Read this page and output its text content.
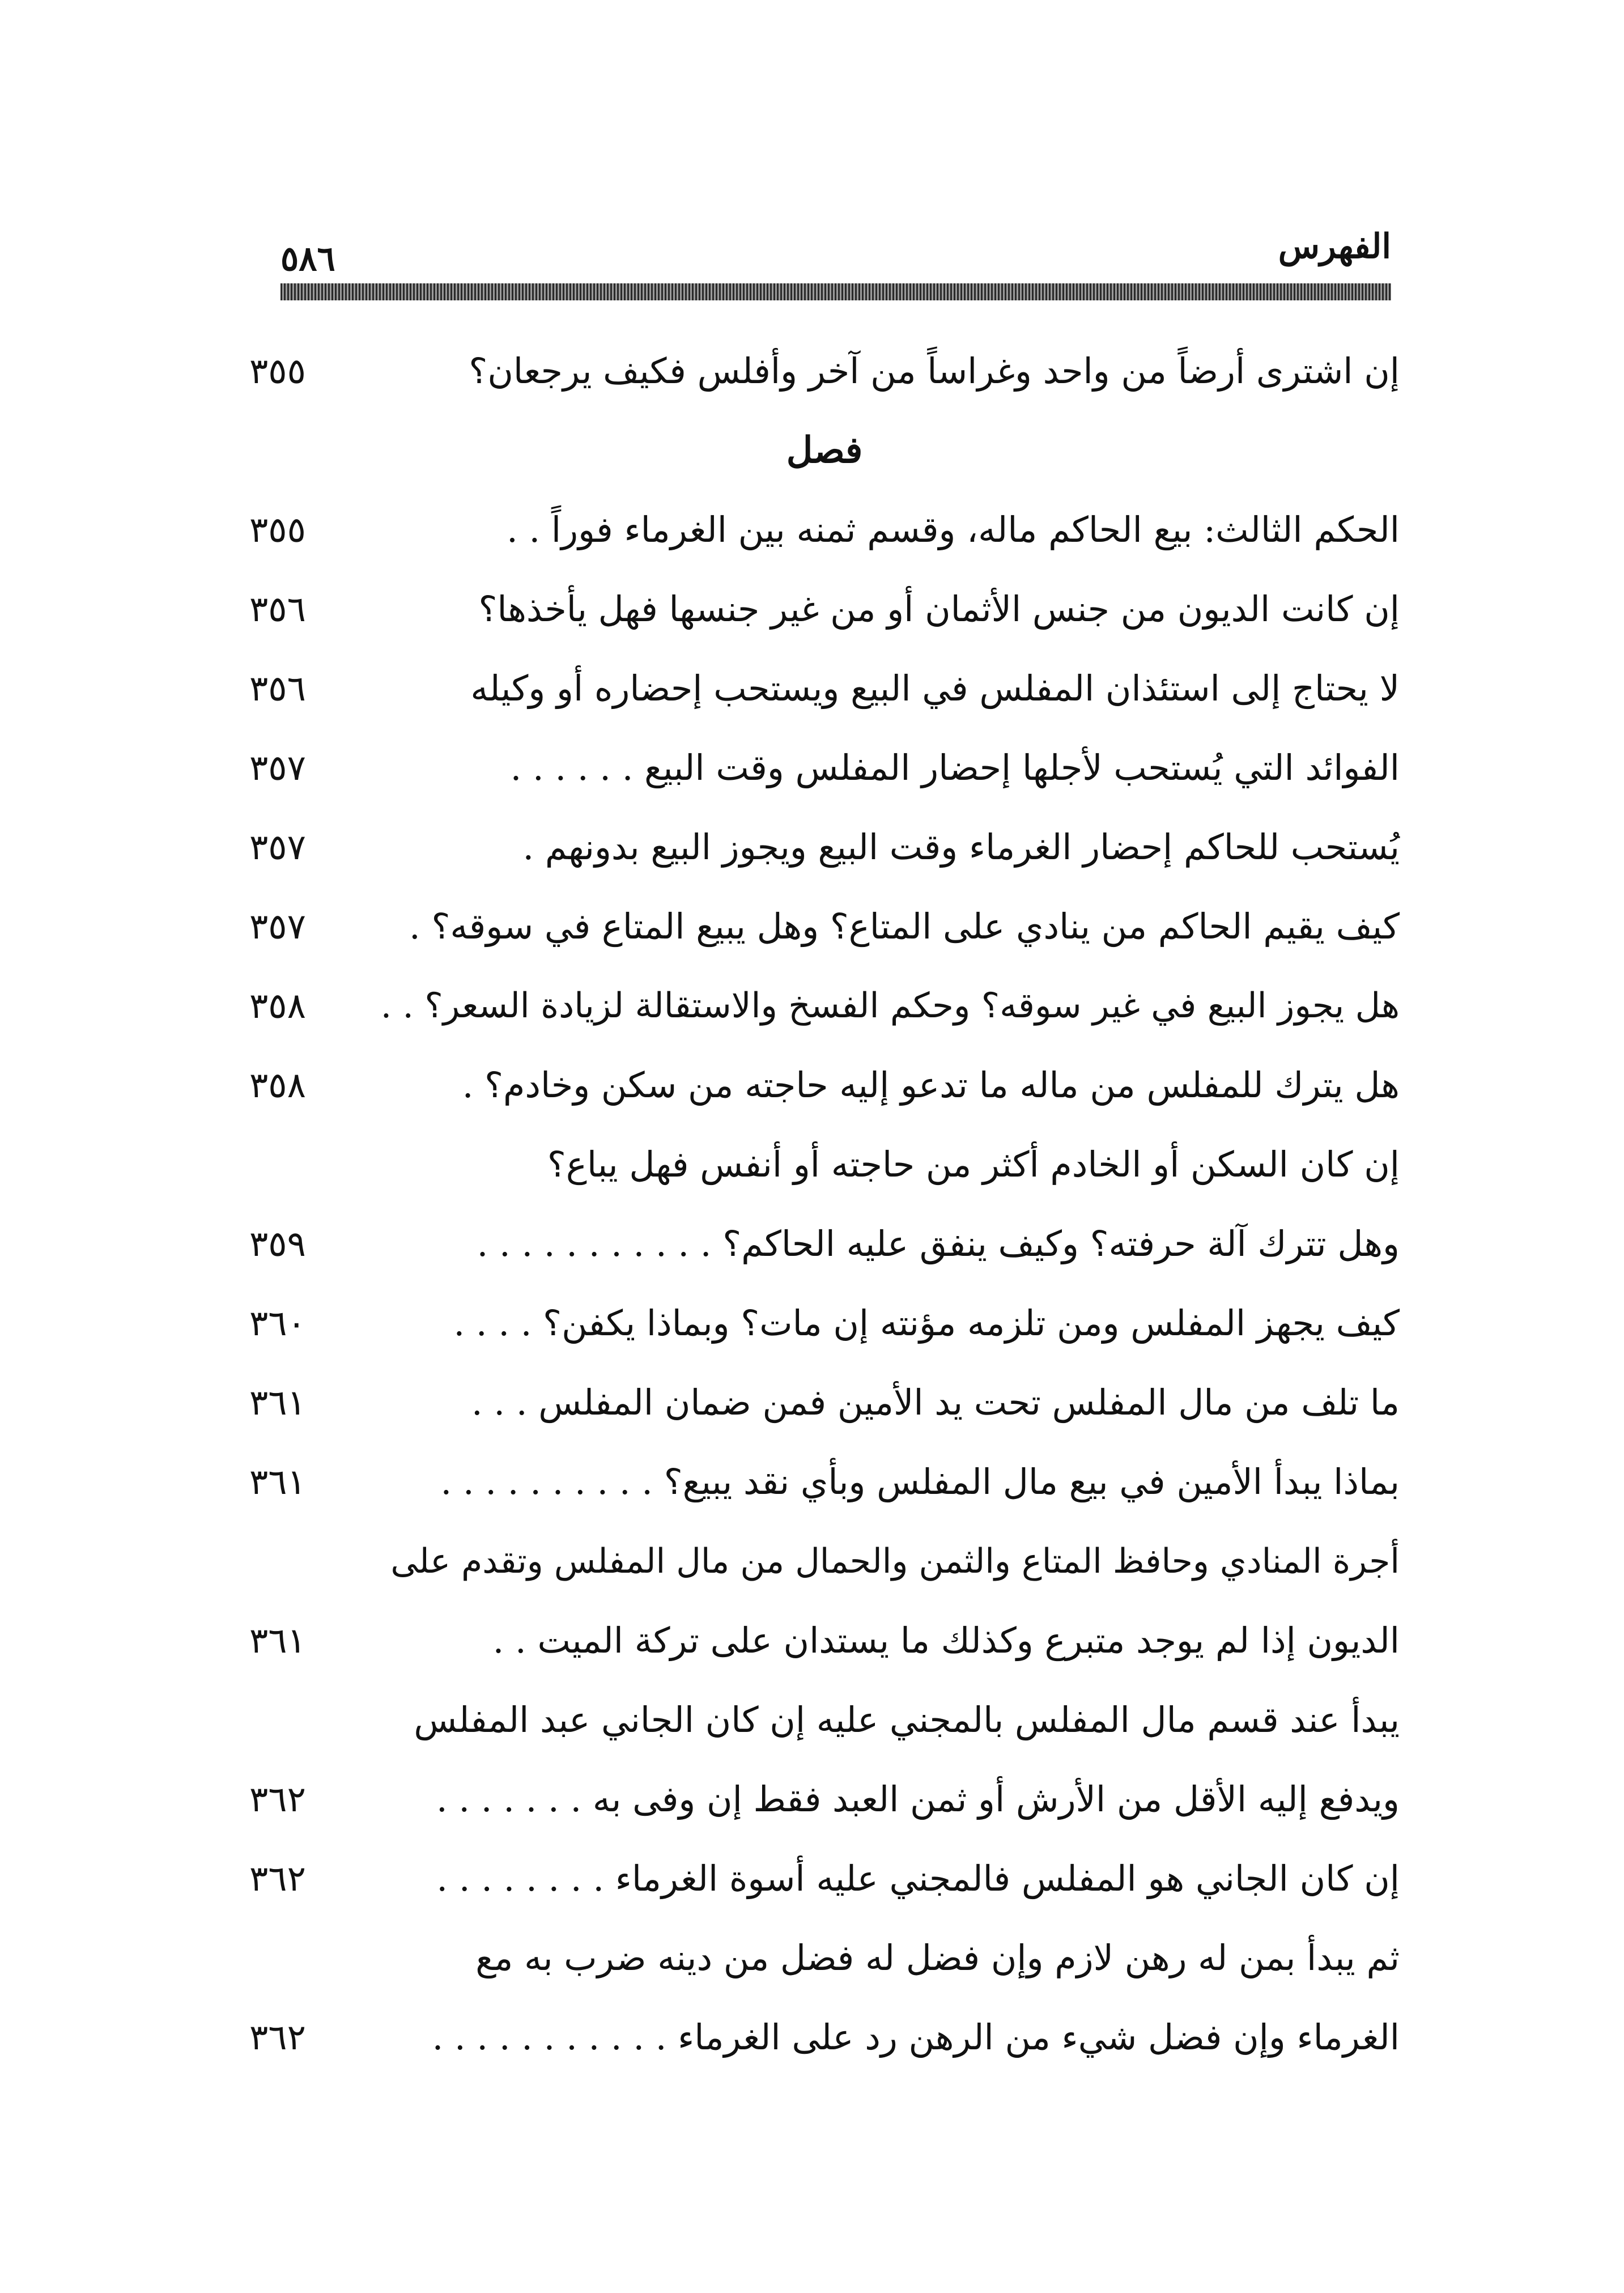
٥٨٦	الفهرس
إن اشترى أرضاً من واحد وغراساً من آخر وأفلس فكيف يرجعان؟
٣٥٥
فصل
الحكم الثالث: بيع الحاكم ماله، وقسم ثمنه بين الغرماء فوراً . .
٣٥٥
إن كانت الديون من جنس الأثمان أو من غير جنسها فهل يأخذها؟
٣٥٦
لا يحتاج إلى استئذان المفلس في البيع ويستحب إحضاره أو وكيله
٣٥٦
الفوائد التي يُستحب لأجلها إحضار المفلس وقت البيع . . . . . .
٣٥٧
يُستحب للحاكم إحضار الغرماء وقت البيع ويجوز البيع بدونهم .
٣٥٧
كيف يقيم الحاكم من ينادي على المتاع؟ وهل يبيع المتاع في سوقه؟ .
٣٥٧
هل يجوز البيع في غير سوقه؟ وحكم الفسخ والاستقالة لزيادة السعر؟ . .
٣٥٨
هل يترك للمفلس من ماله ما تدعو إليه حاجته من سكن وخادم؟ .
٣٥٨
إن كان السكن أو الخادم أكثر من حاجته أو أنفس فهل يباع؟
وهل تترك آلة حرفته؟ وكيف ينفق عليه الحاكم؟ . . . . . . . . . . .
٣٥٩
كيف يجهز المفلس ومن تلزمه مؤنته إن مات؟ وبماذا يكفن؟ . . . .
٣٦٠
ما تلف من مال المفلس تحت يد الأمين فمن ضمان المفلس . . .
٣٦١
بماذا يبدأ الأمين في بيع مال المفلس وبأي نقد يبيع؟ . . . . . . . . . .
٣٦١
أجرة المنادي وحافظ المتاع والثمن والحمال من مال المفلس وتقدم على
الديون إذا لم يوجد متبرع وكذلك ما يستدان على تركة الميت . .
٣٦١
يبدأ عند قسم مال المفلس بالمجني عليه إن كان الجاني عبد المفلس
ويدفع إليه الأقل من الأرش أو ثمن العبد فقط إن وفى به . . . . . . .
٣٦٢
إن كان الجاني هو المفلس فالمجني عليه أسوة الغرماء . . . . . . . .
٣٦٢
ثم يبدأ بمن له رهن لازم وإن فضل له فضل من دينه ضرب به مع
الغرماء وإن فضل شيء من الرهن رد على الغرماء . . . . . . . . . . .
٣٦٢
